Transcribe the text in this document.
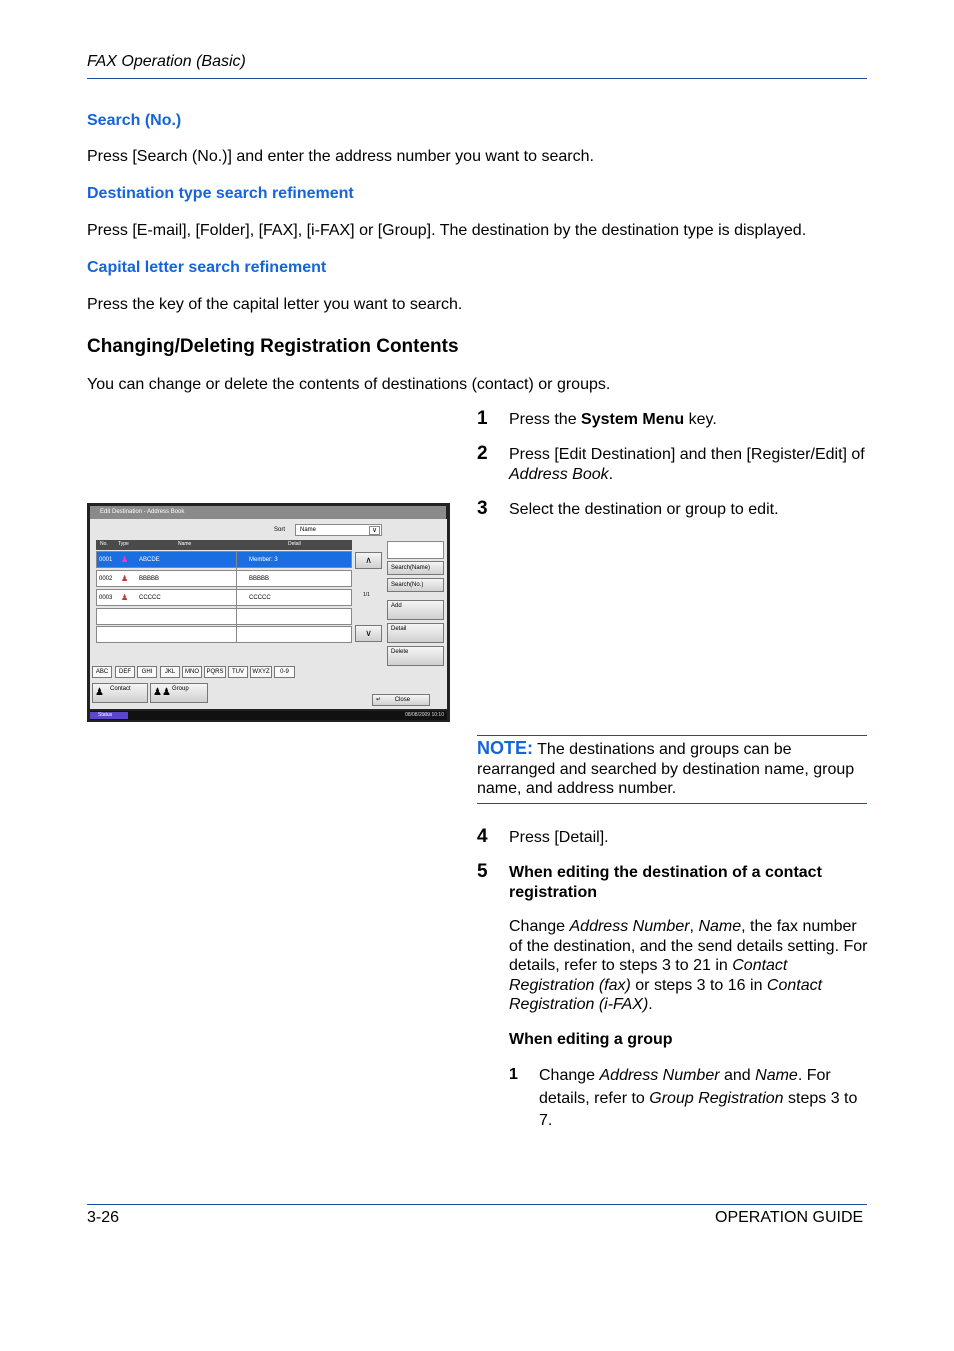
FAX Operation (Basic)
Search (No.)
Press [Search (No.)] and enter the address number you want to search.
Destination type search refinement
Press [E-mail], [Folder], [FAX], [i-FAX] or [Group]. The destination by the destination type is displayed.
Capital letter search refinement
Press the key of the capital letter you want to search.
Changing/Deleting Registration Contents
You can change or delete the contents of destinations (contact) or groups.
1 Press the System Menu key.
2 Press [Edit Destination] and then [Register/Edit] of Address Book.
3 Select the destination or group to edit.
Edit Destination - Address Book
Sort Name	∨
No. Type	Name	Detail
0001 ♟ ABCDE	Member: 3
0002 ♟ BBBBB	BBBBB
0003 ♟ CCCCC	CCCCC
∧
1/1
∨
Search(Name)
Search(No.)
Add
Detail
Delete
ABC	DEF	GHI	JKL	MNO	PQRS	TUV	WXYZ	0-9
♟ Contact ♟♟ Group
↵ Close
Status	08/08/2009 10:10
NOTE: The destinations and groups can be rearranged and searched by destination name, group name, and address number.
4 Press [Detail].
5 When editing the destination of a contact
registration
Change Address Number, Name, the fax number of the destination, and the send details setting. For details, refer to steps 3 to 21 in Contact Registration (fax) or steps 3 to 16 in Contact Registration (i-FAX).
When editing a group
1 Change Address Number and Name. For details, refer to Group Registration steps 3 to 7.
3-26	OPERATION GUIDE
